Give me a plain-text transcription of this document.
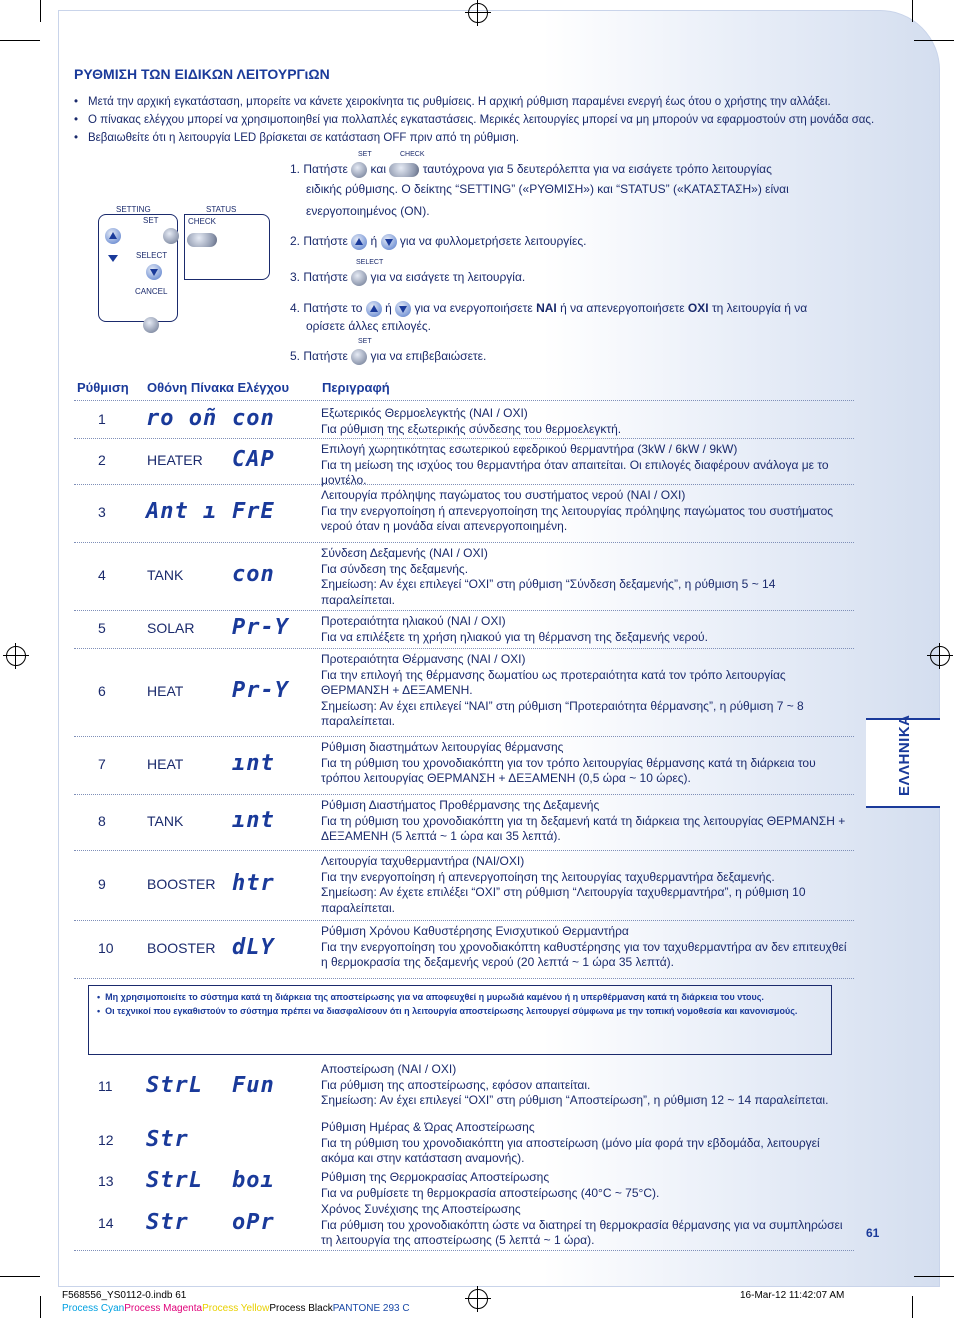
ΡΥΘΜΙΣΗ ΤΩΝ ΕΙΔΙΚΩΝ ΛΕΙΤΟΥΡΓιΩΝ
• Μετά την αρχική εγκατάσταση, μπορείτε να κάνετε χειροκίνητα τις ρυθμίσεις. Η αρχική ρύθμιση παραμένει ενεργή έως ότου ο χρήστης την αλλάξει.
• Ο πίνακας ελέγχου μπορεί να χρησιμοποιηθεί για πολλαπλές εγκαταστάσεις. Μερικές λειτουργίες μπορεί να μη μπορούν να εφαρμοστούν στη μονάδα σας.
• Βεβαιωθείτε ότι η λειτουργία LED βρίσκεται σε κατάσταση OFF πριν από τη ρύθμιση.
SETTING	STATUS
SET

SELECT

CANCEL
CHECK
SET	CHECK
1. Πατήστε και	ταυτόχρονα για 5 δευτερόλεπτα για να εισάγετε τρόπο λειτουργίας
ειδικής ρύθμισης. Ο δείκτης “SETTING” («ΡΥΘΜΙΣΗ») και “STATUS” («ΚΑΤΑΣΤΑΣΗ») είναι
ενεργοποιημένος (ON).
2. Πατήστε ή για να φυλλομετρήσετε λειτουργίες.
SELECT
3. Πατήστε για να εισάγετε τη λειτουργία.
4. Πατήστε το ή για να ενεργοποιήσετε ΝΑΙ ή να απενεργοποιήσετε ΟΧΙ τη λειτουργία ή να
ορίσετε άλλες επιλογές.
SET
5. Πατήστε για να επιβεβαιώσετε.
Ρύθμιση Οθόνη Πίνακα Ελέγχου	Περιγραφή
1	ro oñ con	Εξωτερικός Θερμοελεγκτής (ΝΑΙ / ΟΧΙ)
Για ρύθμιση της εξωτερικής σύνδεσης του θερμοελεγκτή.
2	HEATER CAP	Επιλογή χωρητικότητας εσωτερικού εφεδρικού θερμαντήρα (3kW / 6kW / 9kW)
Για τη μείωση της ισχύος του θερμαντήρα όταν απαιτείται. Οι επιλογές διαφέρουν ανάλογα με το μοντέλο.
3	Ant ı FrE
Λειτουργία πρόληψης παγώματος του συστήματος νερού (ΝΑΙ / ΟΧΙ)
Για την ενεργοποίηση ή απενεργοποίηση της λειτουργίας πρόληψης παγώματος του συστήματος νερού όταν η μονάδα είναι απενεργοποιημένη.
4	TANK con
Σύνδεση Δεξαμενής (ΝΑΙ / ΟΧΙ)
Για σύνδεση της δεξαμενής.
Σημείωση: Αν έχει επιλεγεί “ΟΧΙ” στη ρύθμιση “Σύνδεση δεξαμενής”, η ρύθμιση 5 ~ 14 παραλείπεται.
5	SOLAR Pr-Y	Προτεραιότητα ηλιακού (ΝΑΙ / ΟΧΙ)
Για να επιλέξετε τη χρήση ηλιακού για τη θέρμανση της δεξαμενής νερού.
6	HEAT Pr-Y
Προτεραιότητα Θέρμανσης (ΝΑΙ / ΟΧΙ)
Για την επιλογή της θέρμανσης δωματίου ως προτεραιότητα κατά τον τρόπο λειτουργίας ΘΕΡΜΑΝΣΗ + ΔΕΞΑΜΕΝΗ.
Σημείωση: Αν έχει επιλεγεί “ΝΑΙ” στη ρύθμιση “Προτεραιότητα θέρμανσης”, η ρύθμιση 7 ~ 8 παραλείπεται.
7	HEAT ınt
Ρύθμιση διαστημάτων λειτουργίας θέρμανσης
Για τη ρύθμιση του χρονοδιακόπτη για τον τρόπο λειτουργίας θέρμανσης κατά τη διάρκεια του τρόπου λειτουργίας ΘΕΡΜΑΝΣΗ + ΔΕΞΑΜΕΝΗ (0,5 ώρα ~ 10 ώρες).
8	TANK ınt
Ρύθμιση Διαστήματος Προθέρμανσης της Δεξαμενής
Για τη ρύθμιση του χρονοδιακόπτη για τη δεξαμενή κατά τη διάρκεια της λειτουργίας ΘΕΡΜΑΝΣΗ + ΔΕΞΑΜΕΝΗ (5 λεπτά ~ 1 ώρα και 35 λεπτά).
9	BOOSTER htr
Λειτουργία ταχυθερμαντήρα (ΝΑΙ/ΟΧΙ)
Για την ενεργοποίηση ή απενεργοποίηση της λειτουργίας ταχυθερμαντήρα δεξαμενής.
Σημείωση: Αν έχετε επιλέξει “ΟΧΙ” στη ρύθμιση “Λειτουργία ταχυθερμαντήρα”, η ρύθμιση 10 παραλείπεται.
10	BOOSTER dLY
Ρύθμιση Χρόνου Καθυστέρησης Ενισχυτικού Θερμαντήρα
Για την ενεργοποίηση του χρονοδιακόπτη καθυστέρησης για τον ταχυθερμαντήρα αν δεν επιτευχθεί η θερμοκρασία της δεξαμενής νερού (20 λεπτά ~ 1 ώρα 35 λεπτά).

•  Μη χρησιμοποιείτε το σύστημα κατά τη διάρκεια της αποστείρωσης για να αποφευχθεί η μυρωδιά καμένου ή η υπερθέρμανση κατά τη διάρκεια του ντους.

•  Οι τεχνικοί που εγκαθιστούν το σύστημα πρέπει να διασφαλίσουν ότι η λειτουργία αποστείρωσης λειτουργεί σύμφωνα με την τοπική νομοθεσία και κανονισμούς.

11	StrL Fun
Αποστείρωση (ΝΑΙ / ΟΧΙ)
Για ρύθμιση της αποστείρωσης, εφόσον απαιτείται.
Σημείωση: Αν έχει επιλεγεί “ΟΧΙ” στη ρύθμιση “Αποστείρωση”, η ρύθμιση 12 ~ 14 παραλείπεται.
12	Str	Ρύθμιση Ημέρας & Ώρας Αποστείρωσης
Για τη ρύθμιση του χρονοδιακόπτη για αποστείρωση (μόνο μία φορά την εβδομάδα, λειτουργεί ακόμα και στην κατάσταση αναμονής).
13	StrL boı	Ρύθμιση της Θερμοκρασίας Αποστείρωσης
Για να ρυθμίσετε τη θερμοκρασία αποστείρωσης (40°C ~ 75°C).
14	Str oPr
Χρόνος Συνέχισης της Αποστείρωσης
Για ρύθμιση του χρονοδιακόπτη ώστε να διατηρεί τη θερμοκρασία θέρμανσης για να συμπληρώσει τη λειτουργία της αποστείρωσης (5 λεπτά ~ 1 ώρα).
ΕΛΛΗΝΙΚΑ
61
F568556_YS0112-0.indb 61	16-Mar-12 11:42:07 AM
Process CyanProcess MagentaProcess YellowProcess BlackPANTONE 293 C
